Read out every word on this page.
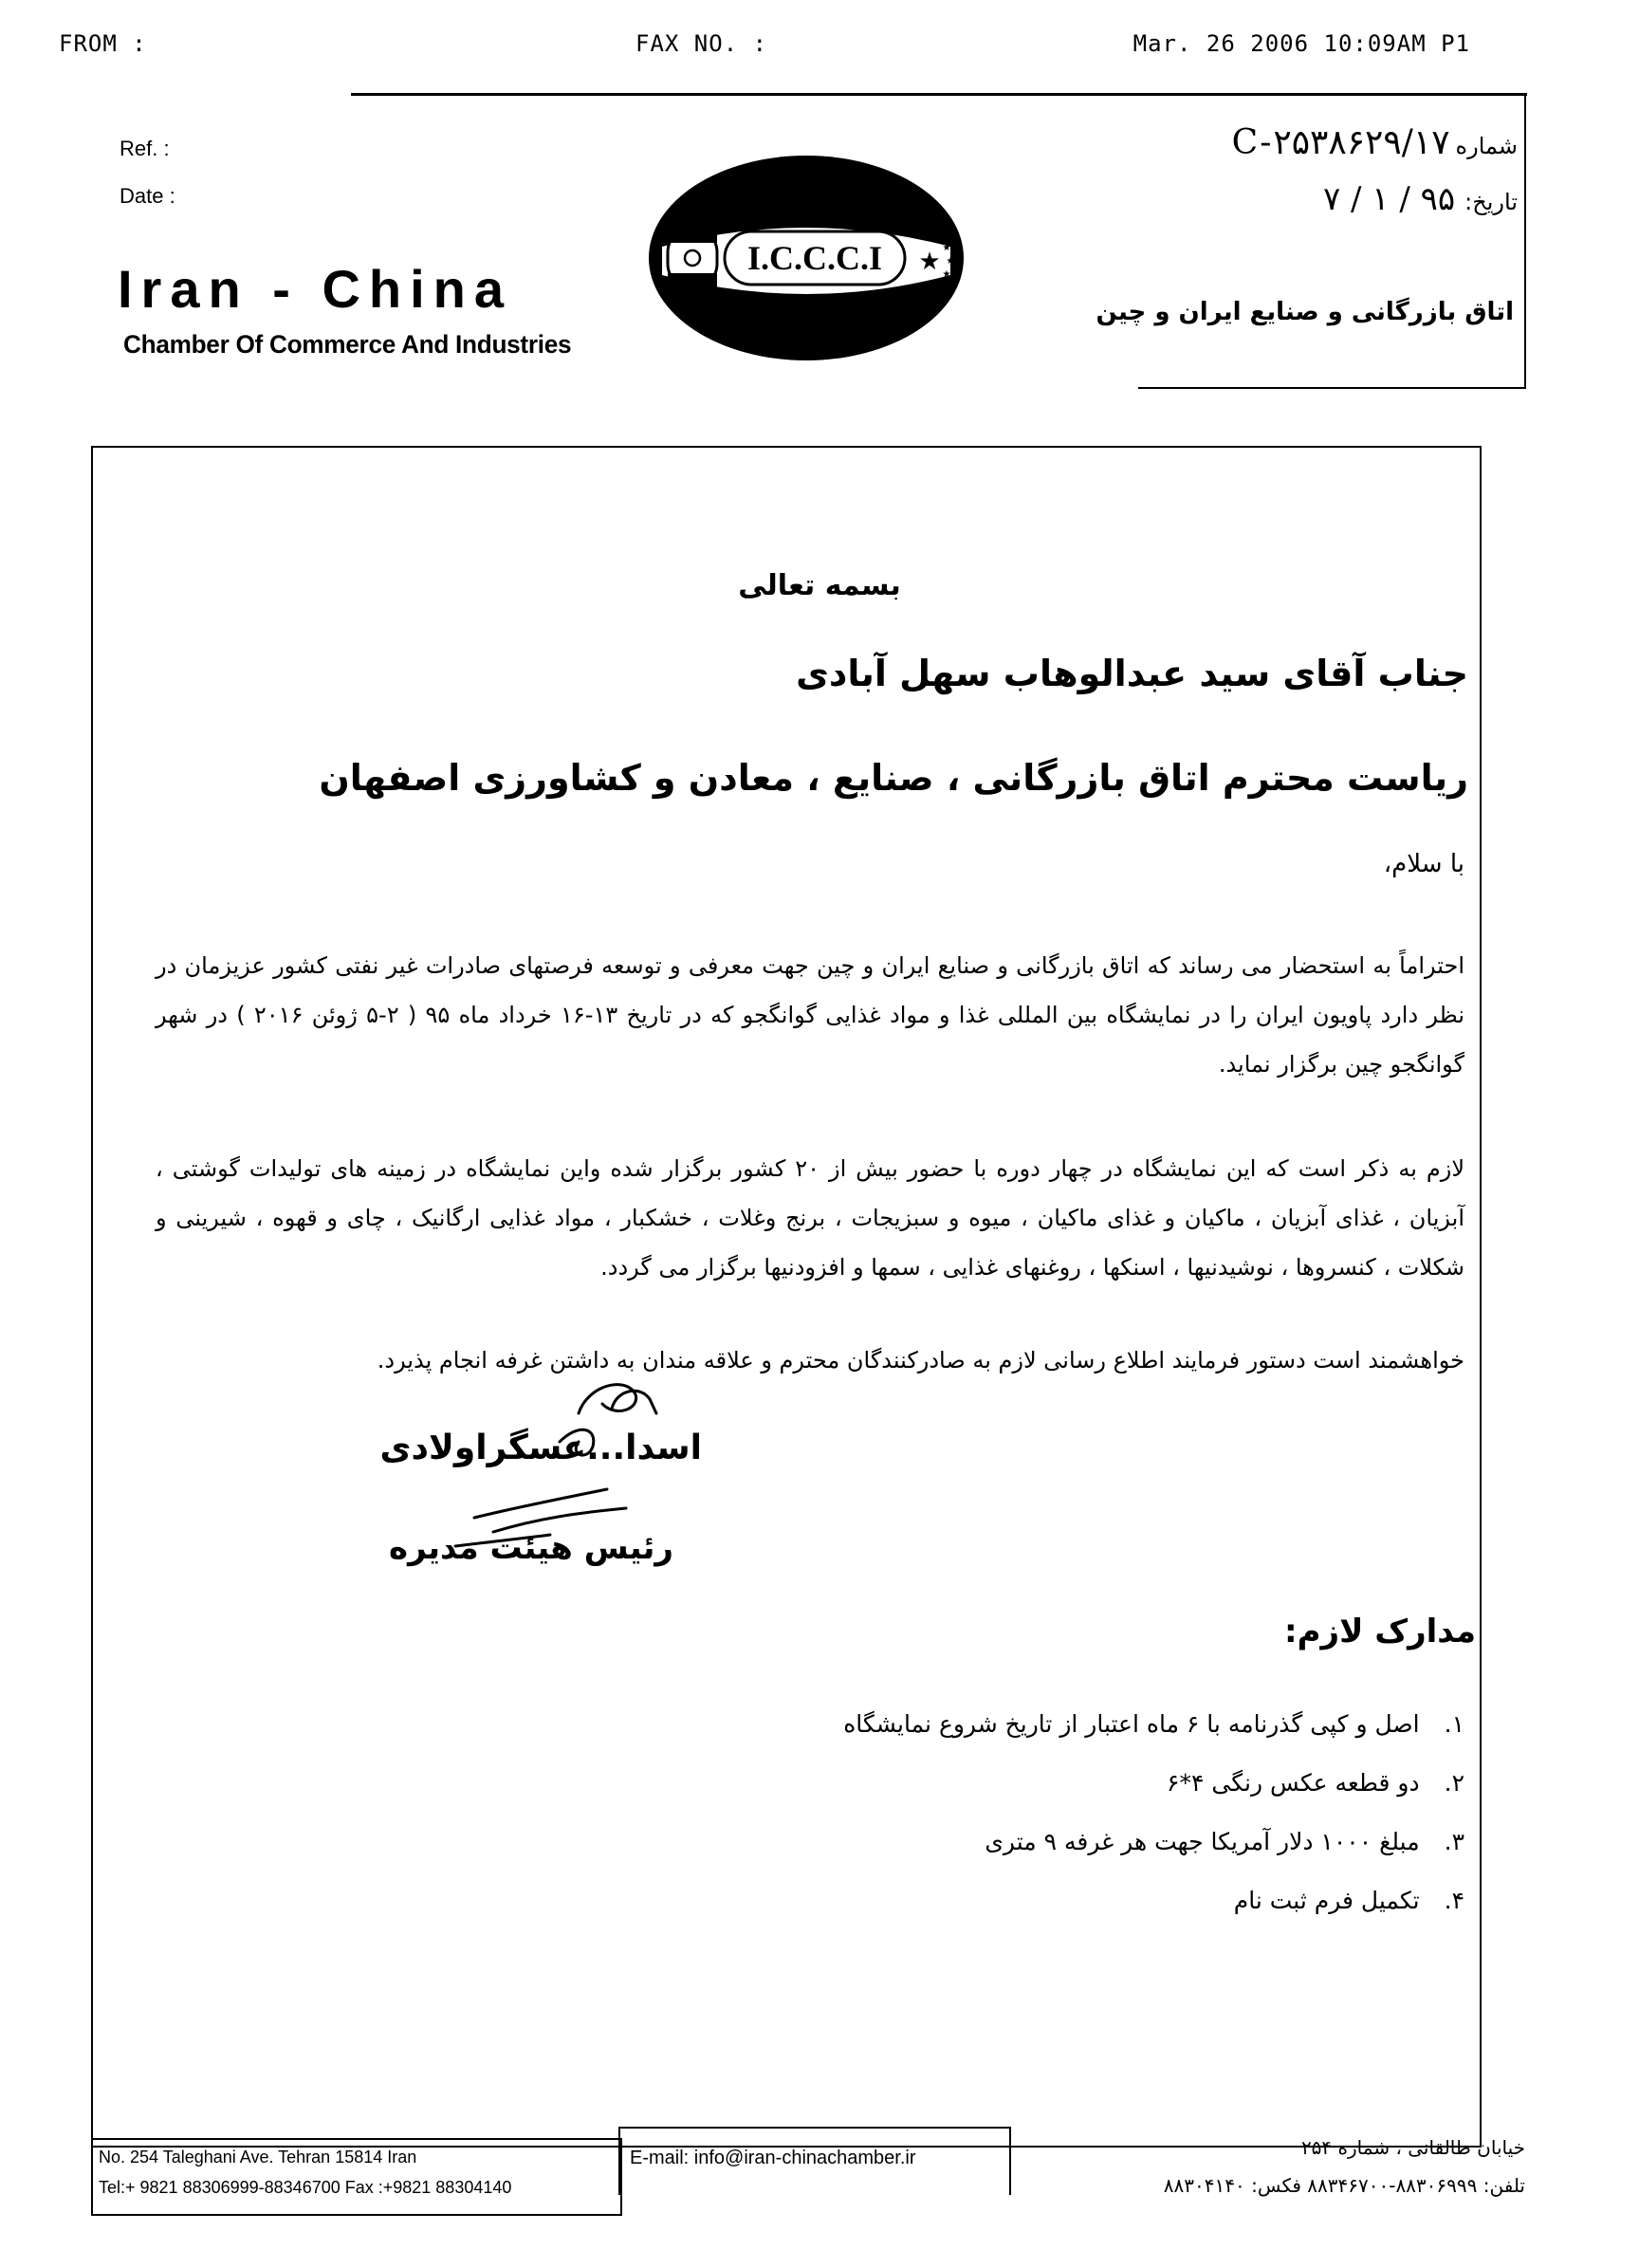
FROM :	FAX NO. :	Mar. 26 2006 10:09AM P1
Ref. :
Date :
Iran - China
Chamber Of Commerce And Industries
I.C.C.C.I ★ ★
★
★
شماره
۱۷/C-۲۵۳۸۶۲۹
تاریخ:
۹۵ / ۱ / ۷
اتاق بازرگانی و صنایع ایران و چین
بسمه تعالی
جناب آقای سید عبدالوهاب سهل آبادی
ریاست محترم اتاق بازرگانی ، صنایع ، معادن و کشاورزی اصفهان
با سلام،
احتراماً به استحضار می رساند که اتاق بازرگانی و صنایع ایران و چین جهت معرفی و توسعه فرصتهای صادرات غیر نفتی کشور عزیزمان در نظر دارد پاویون ایران را در نمایشگاه بین المللی غذا و مواد غذایی گوانگجو که در تاریخ ۱۳-۱۶ خرداد ماه ۹۵ ( ۲-۵ ژوئن ۲۰۱۶ ) در شهر گوانگجو چین برگزار نماید.
لازم به ذکر است که این نمایشگاه در چهار دوره با حضور بیش از ۲۰ کشور برگزار شده واین نمایشگاه در زمینه های تولیدات گوشتی ، آبزیان ، غذای آبزیان ، ماکیان و غذای ماکیان ، میوه و سبزیجات ، برنج وغلات ، خشکبار ، مواد غذایی ارگانیک ، چای و قهوه ، شیرینی و شکلات ، کنسروها ، نوشیدنیها ، اسنکها ، روغنهای غذایی ، سمها و افزودنیها برگزار می گردد.
خواهشمند است دستور فرمایند اطلاع رسانی لازم به صادرکنندگان محترم و علاقه مندان به داشتن غرفه انجام پذیرد.
اسدا...عسگراولادی
رئیس هیئت مدیره
مدارک لازم:
۱.
اصل و کپی گذرنامه با ۶ ماه اعتبار از تاریخ شروع نمایشگاه
۲.
دو قطعه عکس رنگی ۴*۶
۳.
مبلغ ۱۰۰۰ دلار آمریکا جهت هر غرفه ۹ متری
۴.
تکمیل فرم ثبت نام
No. 254 Taleghani Ave. Tehran 15814 Iran
Tel:+ 9821 88306999-88346700 Fax :+9821 88304140
E-mail: info@iran-chinachamber.ir	خیابان طالقانی ، شماره ۲۵۴
تلفن: ۸۸۳۰۶۹۹۹-۸۸۳۴۶۷۰۰ فکس: ۸۸۳۰۴۱۴۰
